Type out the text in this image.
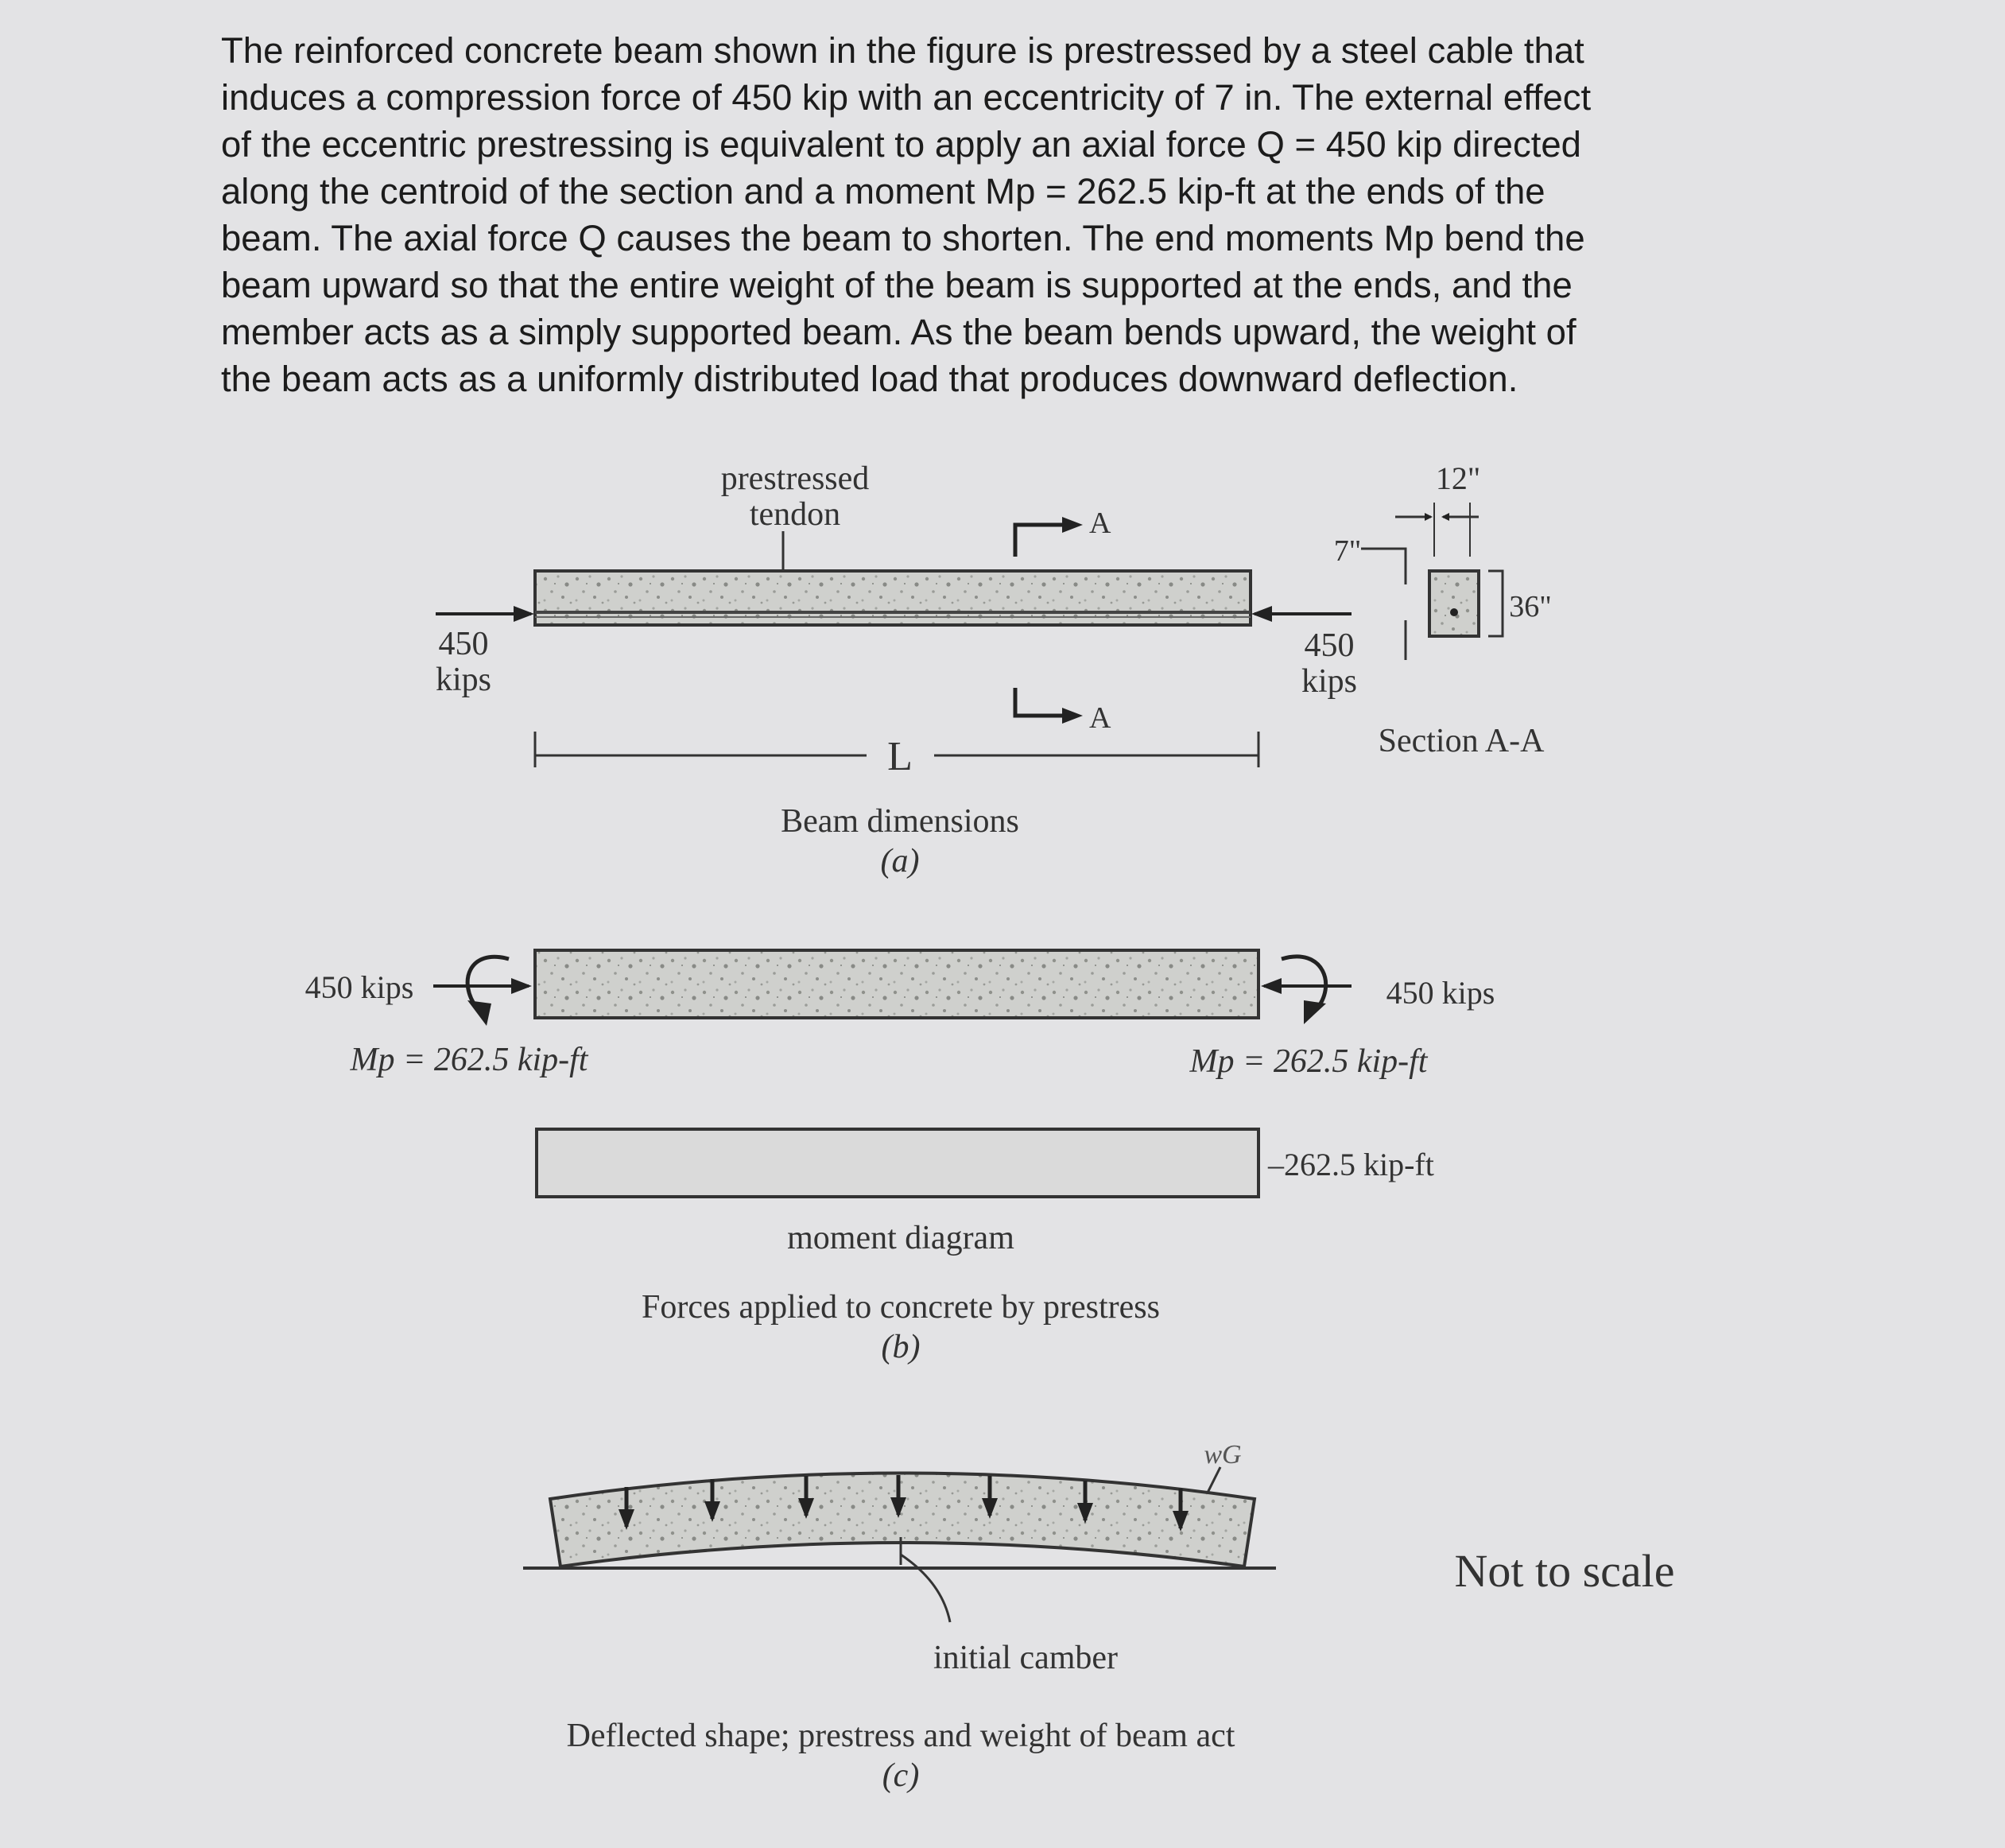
The reinforced concrete beam shown in the figure is prestressed by a steel cable that
induces a compression force of 450 kip with an eccentricity of 7 in. The external effect
of the eccentric prestressing is equivalent to apply an axial force Q = 450 kip directed
along the centroid of the section and a moment Mp = 262.5 kip-ft at the ends of the
beam. The axial force Q causes the beam to shorten. The end moments Mp bend the
beam upward so that the entire weight of the beam is supported at the ends, and the
member acts as a simply supported beam. As the beam bends upward, the weight of
the beam acts as a uniformly distributed load that produces downward deflection.
prestressed
tendon	A
450
kips
450
kips
A
L
12"
7"
36"
Section A-A
Beam dimensions
(a)
450 kips
Mp = 262.5 kip-ft
450 kips
Mp = 262.5 kip-ft
–262.5 kip-ft
moment diagram
Forces applied to concrete by prestress
(b)
wG
initial camber
Deflected shape; prestress and weight of beam act
(c)
Not to scale
